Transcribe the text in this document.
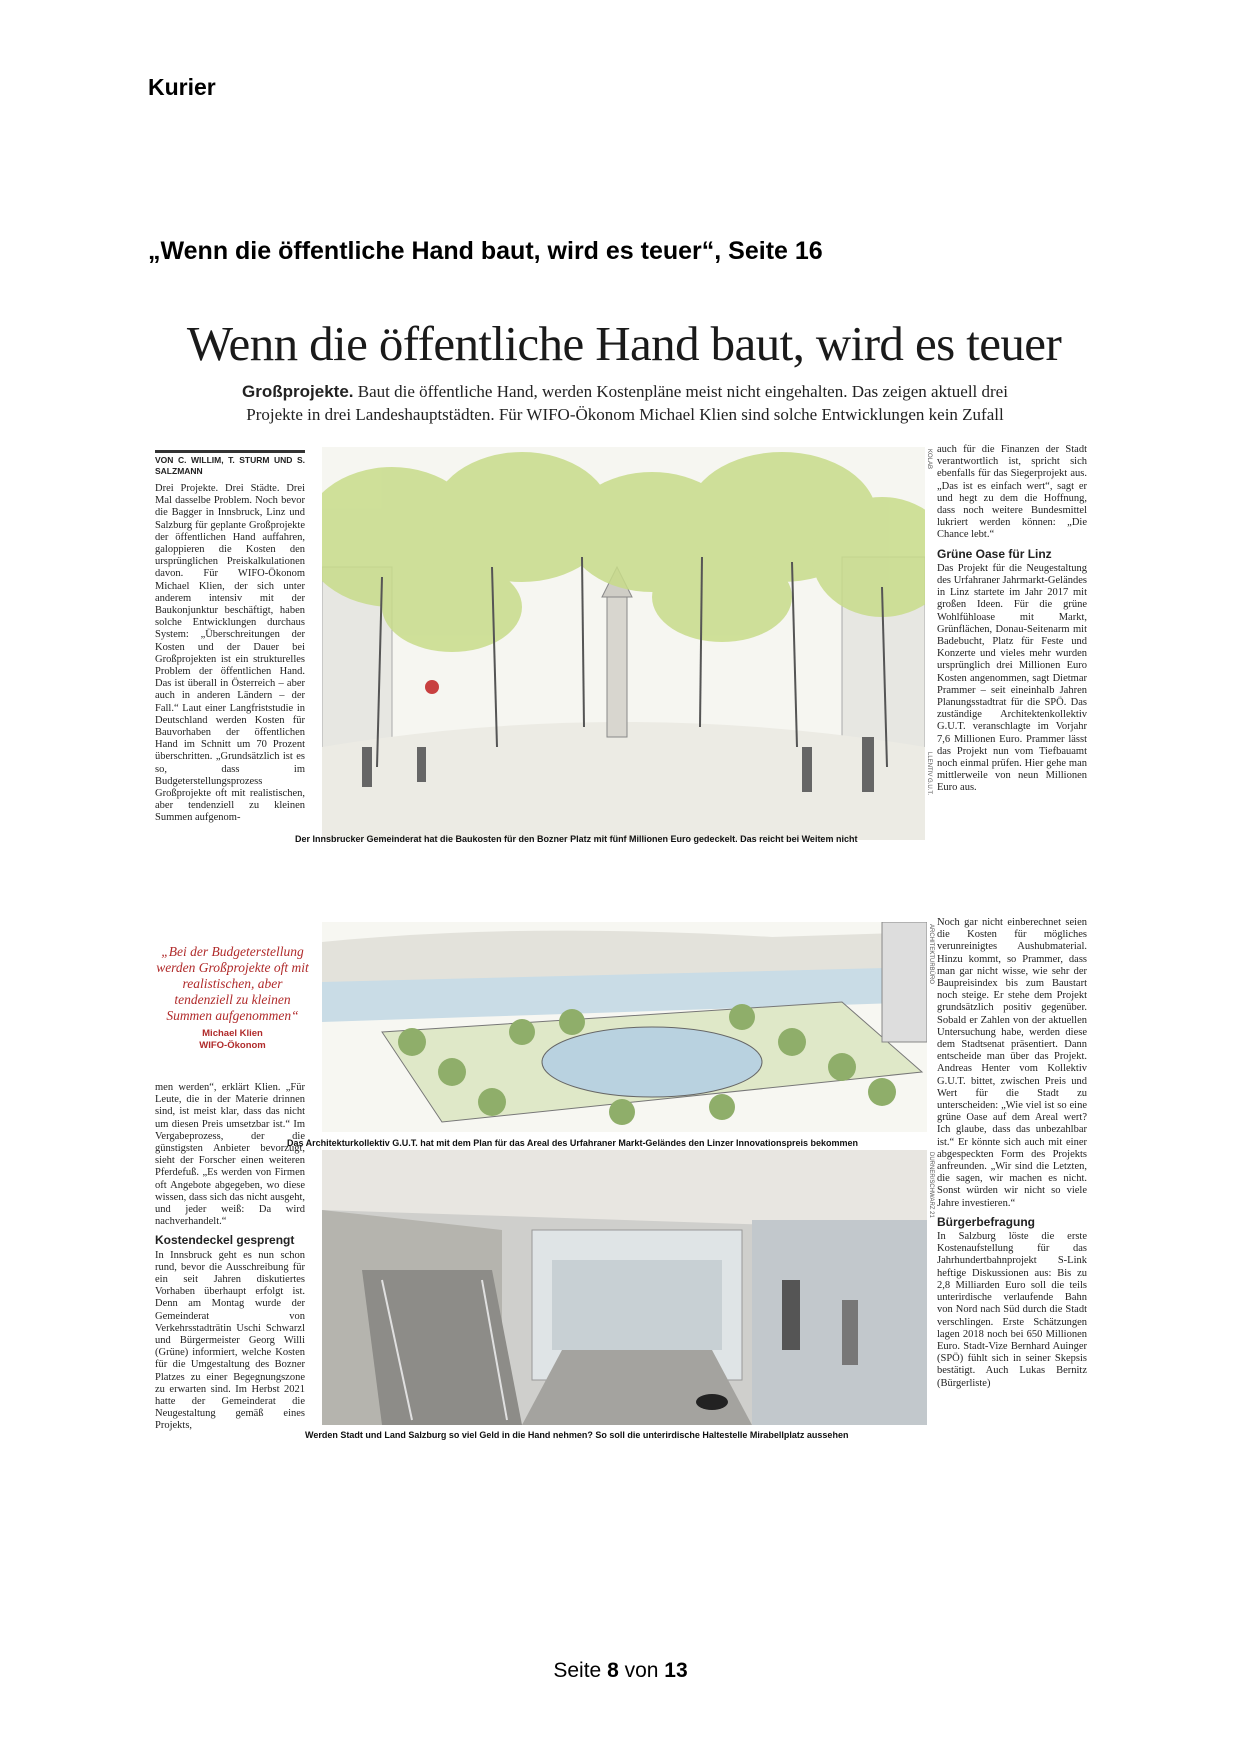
Kurier
„Wenn die öffentliche Hand baut, wird es teuer“, Seite 16
Wenn die öffentliche Hand baut, wird es teuer
Großprojekte. Baut die öffentliche Hand, werden Kostenpläne meist nicht eingehalten. Das zeigen aktuell drei Projekte in drei Landeshauptstädten. Für WIFO-Ökonom Michael Klien sind solche Entwicklungen kein Zufall
VON C. WILLIM, T. STURM UND S. SALZMANN
Drei Projekte. Drei Städte. Drei Mal dasselbe Problem. Noch bevor die Bagger in Innsbruck, Linz und Salzburg für geplante Großprojekte der öffentlichen Hand auffahren, galoppieren die Kosten den ursprünglichen Preiskalkulationen davon. Für WIFO-Ökonom Michael Klien, der sich unter anderem intensiv mit der Baukonjunktur beschäftigt, haben solche Entwicklungen durchaus System: „Überschreitungen der Kosten und der Dauer bei Großprojekten ist ein strukturelles Problem der öffentlichen Hand. Das ist überall in Österreich – aber auch in anderen Ländern – der Fall.“ Laut einer Langfriststudie in Deutschland werden Kosten für Bauvorhaben der öffentlichen Hand im Schnitt um 70 Prozent überschritten. „Grundsätzlich ist es so, dass im Budgeterstellungsprozess Großprojekte oft mit realistischen, aber tendenziell zu kleinen Summen aufgenom-
„Bei der Budgeterstellung werden Großprojekte oft mit realistischen, aber tendenziell zu kleinen Summen aufgenommen“
Michael Klien
WIFO-Ökonom
men werden“, erklärt Klien. „Für Leute, die in der Materie drinnen sind, ist meist klar, dass das nicht um diesen Preis umsetzbar ist.“ Im Vergabeprozess, der die günstigsten Anbieter bevorzugt, sieht der Forscher einen weiteren Pferdefuß. „Es werden von Firmen oft Angebote abgegeben, wo diese wissen, dass sich das nicht ausgeht, und jeder weiß: Da wird nachverhandelt.“
Kostendeckel gesprengt
In Innsbruck geht es nun schon rund, bevor die Ausschreibung für ein seit Jahren diskutiertes Vorhaben überhaupt erfolgt ist. Denn am Montag wurde der Gemeinderat von Verkehrsstadträtin Uschi Schwarzl und Bürgermeister Georg Willi (Grüne) informiert, welche Kosten für die Umgestaltung des Bozner Platzes zu einer Begegnungszone zu erwarten sind. Im Herbst 2021 hatte der Gemeinderat die Neugestaltung gemäß eines Projekts,
Der Innsbrucker Gemeinderat hat die Baukosten für den Bozner Platz mit fünf Millionen Euro gedeckelt. Das reicht bei Weitem nicht
KOLAB
LLENTIV G.U.T.
auch für die Finanzen der Stadt verantwortlich ist, spricht sich ebenfalls für das Siegerprojekt aus. „Das ist es einfach wert“, sagt er und hegt zu dem die Hoffnung, dass noch weitere Bundesmittel lukriert werden können: „Die Chance lebt.“
Grüne Oase für Linz
Das Projekt für die Neugestaltung des Urfahraner Jahrmarkt-Geländes in Linz startete im Jahr 2017 mit großen Ideen. Für die grüne Wohlfühloase mit Markt, Grünflächen, Donau-Seitenarm mit Badebucht, Platz für Feste und Konzerte und vieles mehr wurden ursprünglich drei Millionen Euro Kosten angenommen, sagt Dietmar Prammer – seit eineinhalb Jahren Planungsstadtrat für die SPÖ. Das zuständige Architektenkollektiv G.U.T. veranschlagte im Vorjahr 7,6 Millionen Euro. Prammer lässt das Projekt nun vom Tiefbauamt noch einmal prüfen. Hier gehe man mittlerweile von neun Millionen Euro aus.
Das Architekturkollektiv G.U.T. hat mit dem Plan für das Areal des Urfahraner Markt-Geländes den Linzer Innovationspreis bekommen
ARCHITEKTURBÜRO
Werden Stadt und Land Salzburg so viel Geld in die Hand nehmen? So soll die unterirdische Haltestelle Mirabellplatz aussehen
DURNER/SCHWARZ 21
Noch gar nicht einberechnet seien die Kosten für mögliches verunreinigtes Aushubmaterial. Hinzu kommt, so Prammer, dass man gar nicht wisse, wie sehr der Baupreisindex bis zum Baustart noch steige. Er stehe dem Projekt grundsätzlich positiv gegenüber. Sobald er Zahlen von der aktuellen Untersuchung habe, werden diese dem Stadtsenat präsentiert. Dann entscheide man über das Projekt. Andreas Henter vom Kollektiv G.U.T. bittet, zwischen Preis und Wert für die Stadt zu unterscheiden: „Wie viel ist so eine grüne Oase auf dem Areal wert? Ich glaube, dass das unbezahlbar ist.“ Er könnte sich auch mit einer abgespeckten Form des Projekts anfreunden. „Wir sind die Letzten, die sagen, wir machen es nicht. Sonst würden wir nicht so viele Jahre investieren.“
Bürgerbefragung
In Salzburg löste die erste Kostenaufstellung für das Jahrhundertbahnprojekt S-Link heftige Diskussionen aus: Bis zu 2,8 Milliarden Euro soll die teils unterirdische verlaufende Bahn von Nord nach Süd durch die Stadt verschlingen. Erste Schätzungen lagen 2018 noch bei 650 Millionen Euro. Stadt-Vize Bernhard Auinger (SPÖ) fühlt sich in seiner Skepsis bestätigt. Auch Lukas Bernitz (Bürgerliste)
Seite 8 von 13
